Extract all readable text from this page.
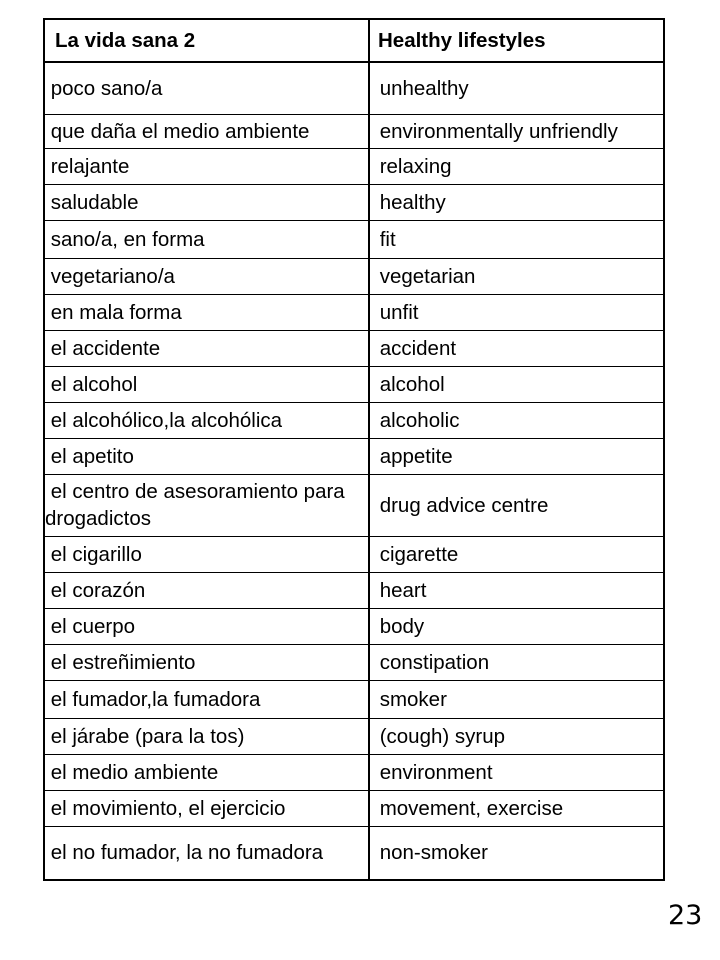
La vida sana 2	Healthy lifestyles

poco sano/a	unhealthy

que daña el medio ambiente	environmentally unfriendly

relajante	relaxing

saludable	healthy

sano/a, en forma	fit

vegetariano/a	vegetarian

en mala forma	unfit

el accidente	accident

el alcohol	alcohol

el alcohólico,la alcohólica	alcoholic

el apetito	appetite

el centro de asesoramiento para drogadictos	drug advice centre

el cigarillo	cigarette

el corazón	heart

el cuerpo	body

el estreñimiento	constipation

el fumador,la fumadora	smoker

el járabe (para la tos)	(cough) syrup

el medio ambiente	environment

el movimiento, el ejercicio	movement, exercise

el no fumador, la no fumadora	non-smoker
23
